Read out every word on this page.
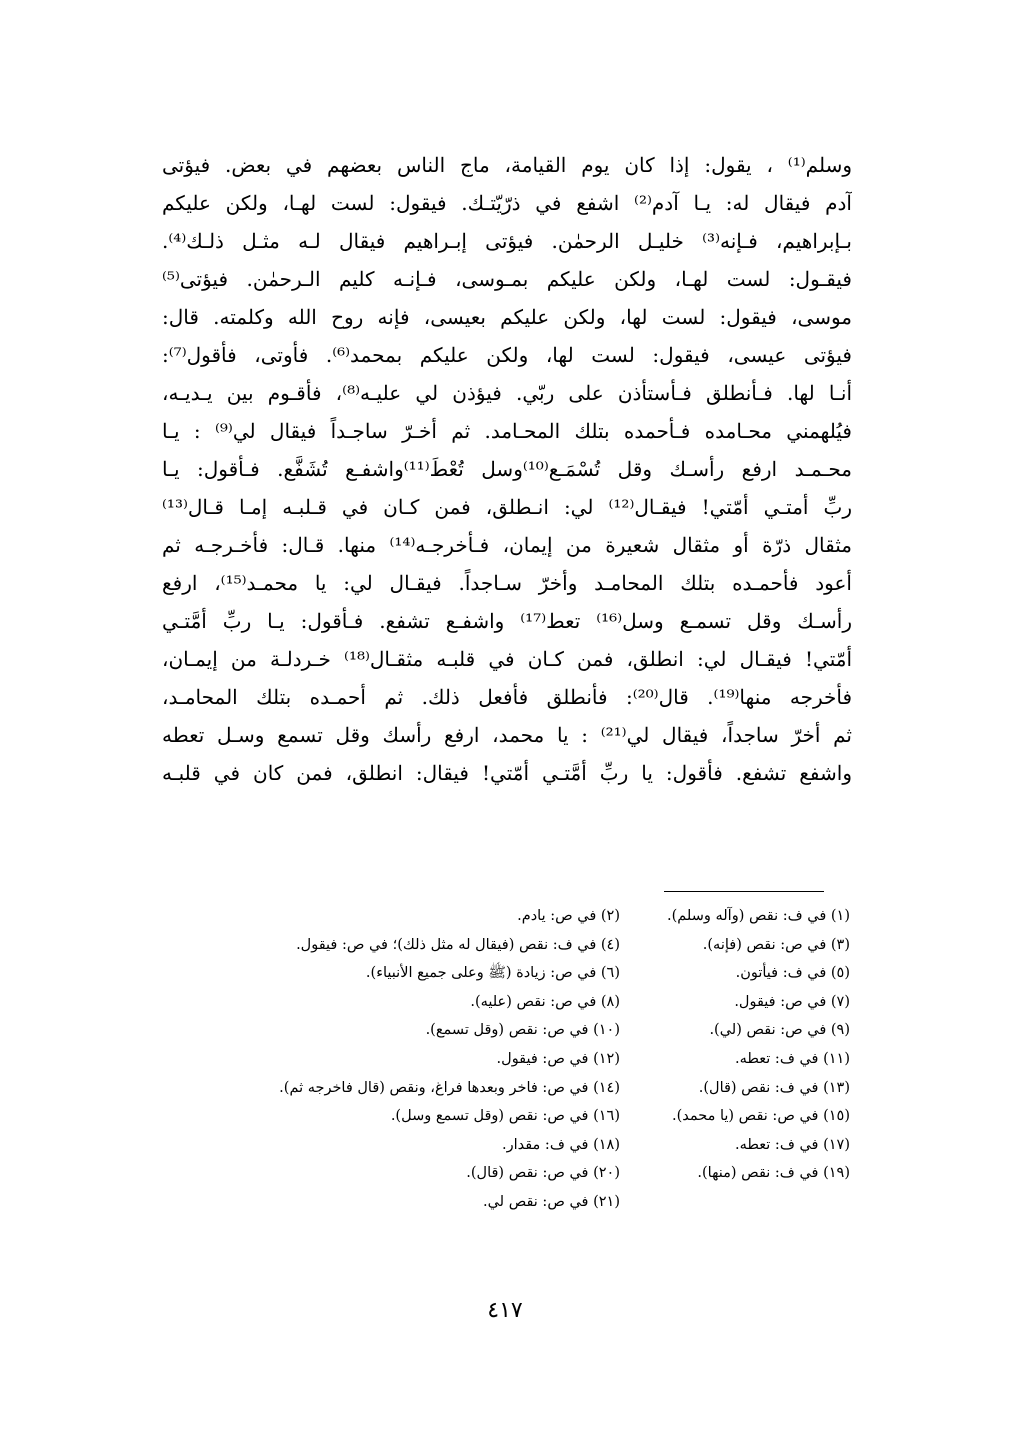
وسلم⁽¹⁾ ، يقول: إذا كان يوم القيامة، ماج الناس بعضهم في بعض. فيؤتى
آدم فيقال له: يـا آدم⁽²⁾ اشفع في ذرّيّتـك. فيقول: لست لهـا، ولكن عليكم
بـإبراهيم، فـإنه⁽³⁾ خليـل الرحمٰن. فيؤتى إبـراهيم فيقال لـه مثـل ذلـك⁽⁴⁾.
فيقـول: لست لهـا، ولكن عليكم بمـوسى، فـإنـه كليم الـرحمٰن. فيؤتى⁽⁵⁾
موسى، فيقول: لست لها، ولكن عليكم بعيسى، فإنه روح الله وكلمته. قال:
فيؤتى عيسى، فيقول: لست لها، ولكن عليكم بمحمد⁽⁶⁾. فأوتى، فأقول⁽⁷⁾:
أنـا لها. فـأنطلق فـأستأذن على ربّي. فيؤذن لي عليـه⁽⁸⁾، فأقـوم بين يـديـه،
فيُلهمني محـامده فـأحمده بتلك المحـامد. ثم أخـرّ ساجـداً فيقال لي⁽⁹⁾ : يـا
محـمـد ارفع رأسـك وقل تُسْمَـع⁽¹⁰⁾وسل تُعْطَ⁽¹¹⁾واشفـع تُشَفَّع. فـأقول: يـا
ربِّ أمتـي أمّتي! فيقـال⁽¹²⁾ لي: انـطلق، فمن كـان في قـلبـه إمـا قـال⁽¹³⁾
مثقال ذرّة أو مثقال شعيرة من إيمان، فـأخرجـه⁽¹⁴⁾ منها. قـال: فأخـرجـه ثم
أعود فأحمـده بتلك المحامـد وأخرّ سـاجداً. فيقـال لي: يا محمـد⁽¹⁵⁾، ارفع
رأسـك وقل تسمـع وسل⁽¹⁶⁾ تعط⁽¹⁷⁾ واشفـع تشفع. فـأقول: يـا ربِّ أمَّتـي
أمّتي! فيقـال لي: انطلق، فمن كـان في قلبـه مثقـال⁽¹⁸⁾ خـردلـة من إيمـان،
فأخرجه منها⁽¹⁹⁾. قال⁽²⁰⁾: فأنطلق فأفعل ذلك. ثم أحمـده بتلك المحامـد،
ثم أخرّ ساجداً، فيقال لي⁽²¹⁾ : يا محمد، ارفع رأسك وقل تسمع وسـل تعطه
واشفع تشفع. فأقول: يا ربِّ أمَّتـي أمّتي! فيقال: انطلق، فمن كان في قلبـه
(١) في ف: نقص (وآله وسلم).
(٢) في ص: يادم.
(٣) في ص: نقص (فإنه).
(٤) في ف: نقص (فيقال له مثل ذلك)؛ في ص: فيقول.
(٥) في ف: فيأتون.
(٦) في ص: زيادة (ﷺ وعلى جميع الأنبياء).
(٧) في ص: فيقول.
(٨) في ص: نقص (عليه).
(٩) في ص: نقص (لي).
(١٠) في ص: نقص (وقل تسمع).
(١١) في ف: تعطه.
(١٢) في ص: فيقول.
(١٣) في ف: نقص (قال).
(١٤) في ص: فاخر وبعدها فراغ، ونقص (قال فاخرجه ثم).
(١٥) في ص: نقص (يا محمد).
(١٦) في ص: نقص (وقل تسمع وسل).
(١٧) في ف: تعطه.
(١٨) في ف: مقدار.
(١٩) في ف: نقص (منها).
(٢٠) في ص: نقص (قال).
(٢١) في ص: نقص لي.
٤١٧
